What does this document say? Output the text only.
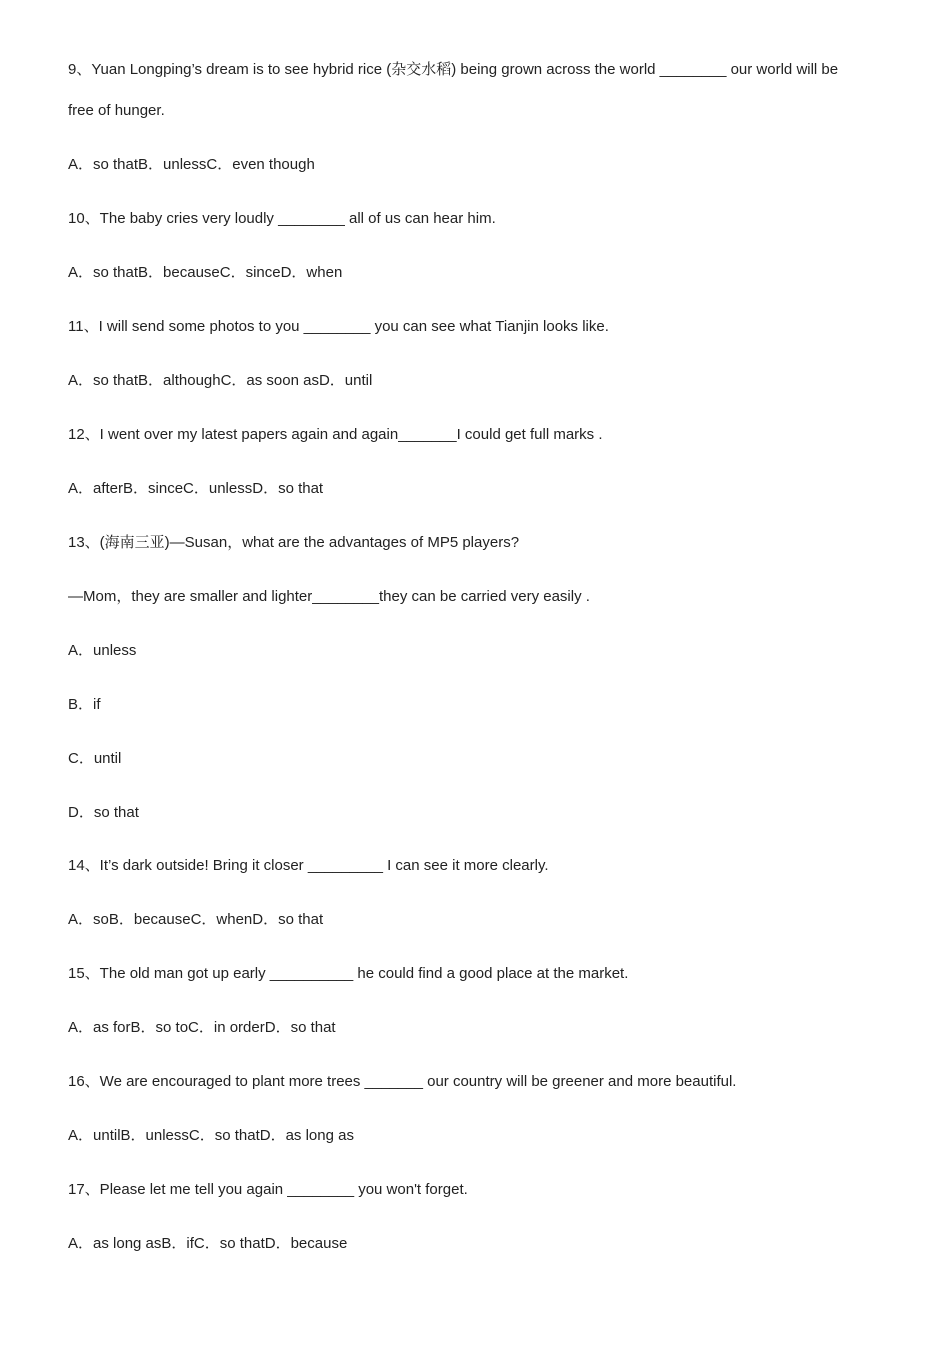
9、Yuan Longping’s dream is to see hybrid rice (杂交水稻) being grown across the world ________ our world will be
free of hunger.
A．so thatB．unlessC．even though
10、The baby cries very loudly ________ all of us can hear him.
A．so thatB．becauseC．sinceD．when
11、I will send some photos to you ________ you can see what Tianjin looks like.
A．so thatB．althoughC．as soon asD．until
12、I went over my latest papers again and again_______I could get full marks .
A．afterB．sinceC．unlessD．so that
13、(海南三亚)—Susan，what are the advantages of MP5 players?
—Mom，they are smaller and lighter________they can be carried very easily .
A．unless
B．if
C．until
D．so that
14、It’s dark outside! Bring it closer _________ I can see it more clearly.
A．soB．becauseC．whenD．so that
15、The old man got up early __________ he could find a good place at the market.
A．as forB．so toC．in orderD．so that
16、We are encouraged to plant more trees _______ our country will be greener and more beautiful.
A．untilB．unlessC．so thatD．as long as
17、Please let me tell you again ________ you won't forget.
A．as long asB．ifC．so thatD．because
